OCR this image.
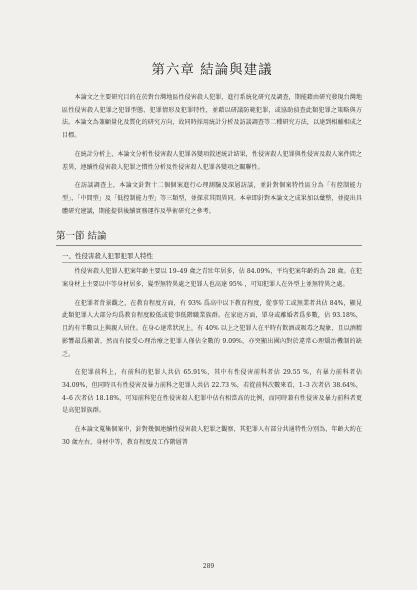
第六章 結論與建議

本論文之主要研究目的在於對台灣地區性侵害殺人犯罪，進行系統化研究及調查，期能藉由研究發現台灣地區性侵害殺人犯罪之犯罪型態、犯罪情形及犯罪特性，並藉以研議防範犯罪，或協助偵查此類犯罪之策略與方法。本論文為兼顧量化及質化的研究方向，故同時採用統計分析及訪談調查等二種研究方法，以達到相輔相成之目標。

在統計分析上，本論文分析性侵害殺人犯罪各變項敘述統計結果，性侵害殺人犯罪與性侵害及殺人案件間之差異，連續性侵害殺人犯罪之慣性分析及性侵害殺人犯罪各變項之關聯性。

在訪談調查上，本論文針對十二個個案進行心理測驗及深層訪談，並針對個案特性區分為「有控制能力型」、「中間型」及「低控制能力型」等三類型，並探求其間異同。本章即針對本論文之成果加以彙整，並提出具體研究建議，期能提供後續實務運作及學術研究之參考。

第一節 結論
一、性侵害殺人犯罪犯罪人特性

性侵害殺人犯罪人犯案年齡主要以 19–49 歲之青壯年居多，佔 84.09%，平均犯案年齡約為 28 歲。在犯案身材上主要以中等身材居多，髮型無特異處之犯罪人也高達 95% ，可知犯罪人在外型上並無特異之處。

在犯罪者背景觀之，在教育程度方面，有 93% 爲高中以下教育程度，從事勞工或無業者共佔 84%，顯見此類犯罪人大部分均爲教育程度較低或從事低階職業族群。在家庭方面，單身或離婚者爲多數，佔 93.18%，且約有半數以上與親人居住。在身心達常狀況上，有 40% 以上之犯罪人在平時有飲酒或吸毒之現象，且以酒精影響最爲顯著，然而有接受心理治療之犯罪人僅佔全數的 9.09%，亦突顯出國內對於違常心理矯治機制的缺乏。

在犯罪前科上，有前科的犯罪人共佔 65.91%，其中有性侵害前科者佔 29.55 %，有暴力前科者佔 34.09%，但同時具有性侵害及暴力前科之犯罪人共佔 22.73 %，若從前科次數來看，1–3 次者佔 38.64%，4–6 次者佔 18.18%，可知前科犯在性侵害殺人犯罪中佔有相當高的比例，而同時兼有性侵害及暴力前科者更是高犯罪族群。

在本論文蒐集個案中，針對幾個連續性侵害殺人犯罪之觀察，其犯罪人有部分共通特性分別為，年齡大約在 30 歲左右，身材中等，教育程度及工作階層普

289
